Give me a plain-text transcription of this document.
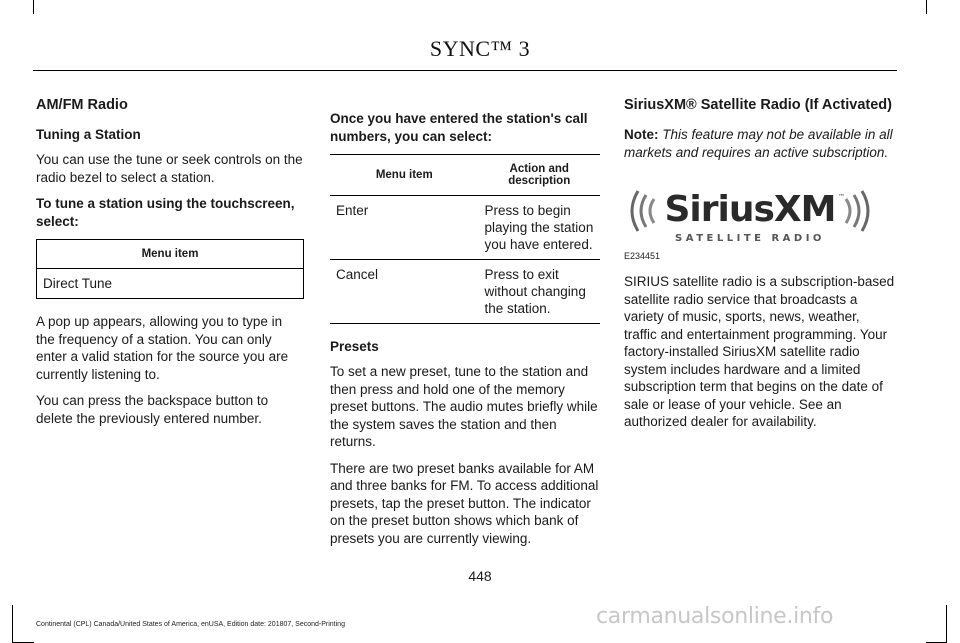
SYNC™ 3
AM/FM Radio
Tuning a Station

You can use the tune or seek controls on the radio bezel to select a station.

To tune a station using the touchscreen, select:

Menu item
Direct Tune

A pop up appears, allowing you to type in the frequency of a station. You can only enter a valid station for the source you are currently listening to.

You can press the backspace button to delete the previously entered number.

Once you have entered the station's call numbers, you can select:

Menu item	Action and description
Enter	Press to begin playing the station you have entered.
Cancel	Press to exit without changing the station.
Presets

To set a new preset, tune to the station and then press and hold one of the memory preset buttons. The audio mutes briefly while the system saves the station and then returns.

There are two preset banks available for AM and three banks for FM. To access additional presets, tap the preset button. The indicator on the preset button shows which bank of presets you are currently viewing.

SiriusXM® Satellite Radio (If Activated)

Note: This feature may not be available in all markets and requires an active subscription.

SiriusXM ™
SATELLITE RADIO
E234451

SIRIUS satellite radio is a subscription-based satellite radio service that broadcasts a variety of music, sports, news, weather, traffic and entertainment programming. Your factory-installed SiriusXM satellite radio system includes hardware and a limited subscription term that begins on the date of sale or lease of your vehicle. See an authorized dealer for availability.

448
Continental (CPL) Canada/United States of America, enUSA, Edition date: 201807, Second-Printing	carmanualsonline.info
